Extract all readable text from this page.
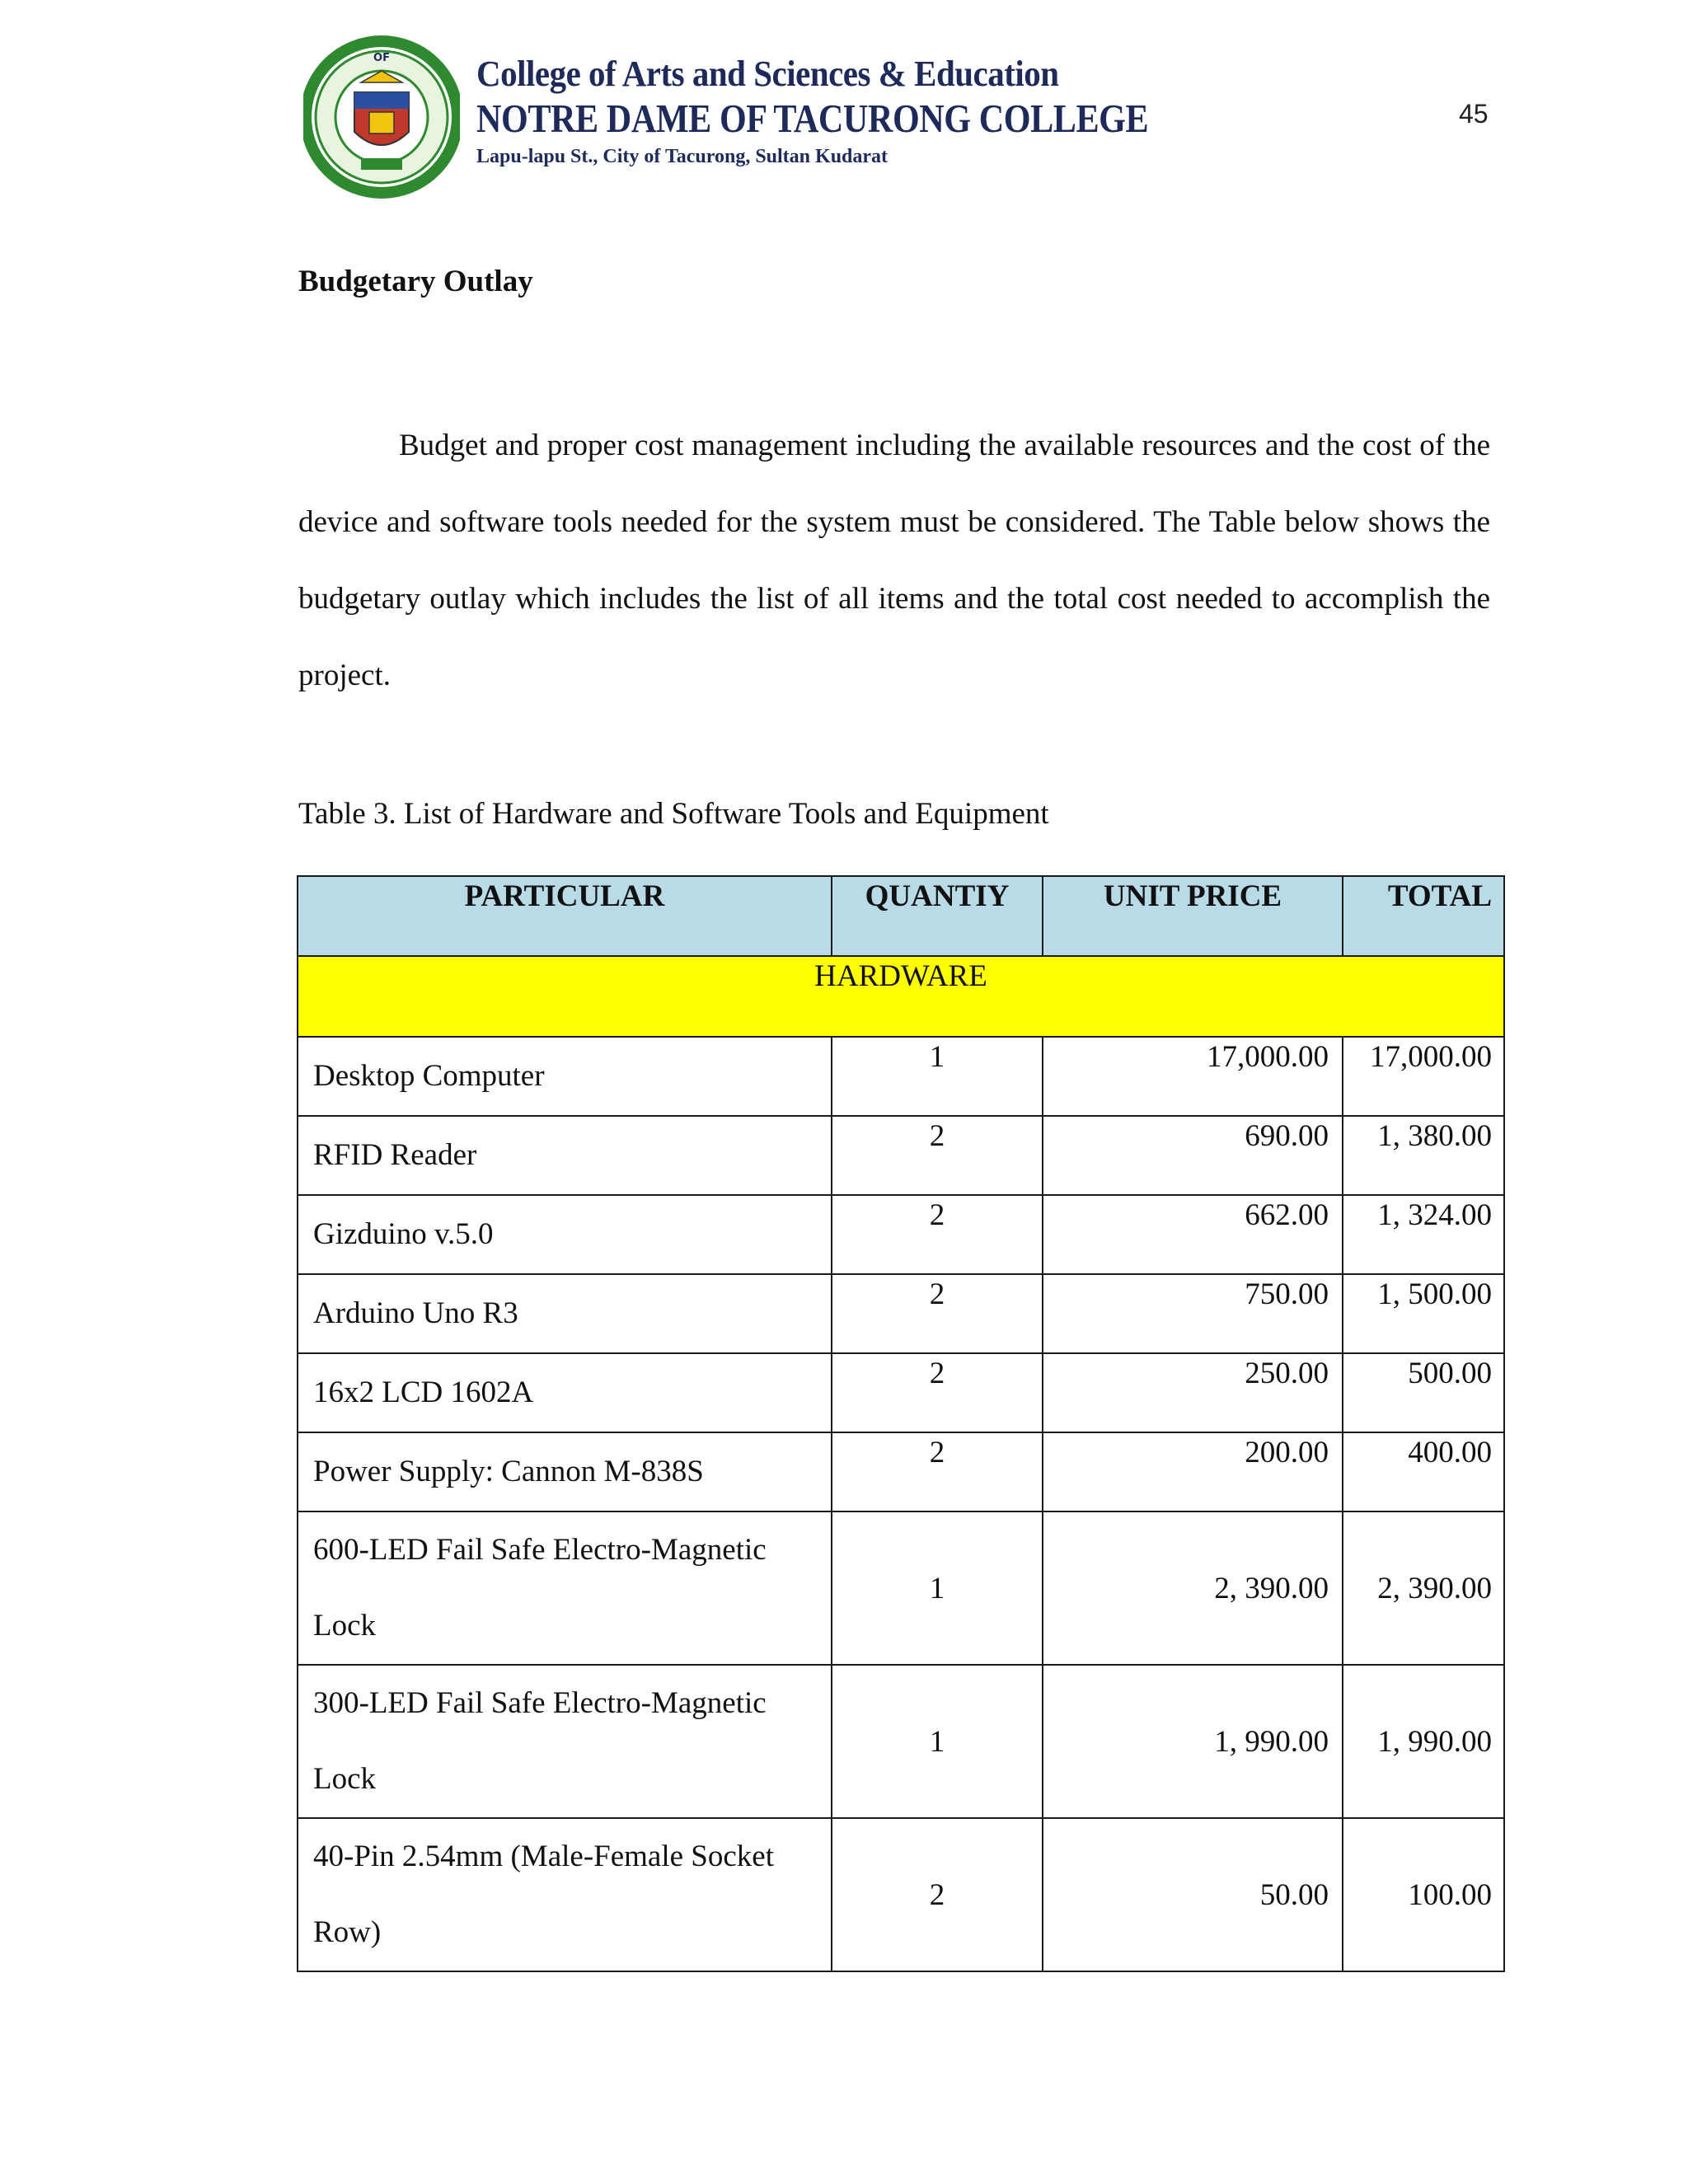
OF College of Arts and Sciences & Education
NOTRE DAME OF TACURONG COLLEGE
Lapu-lapu St., City of Tacurong, Sultan Kudarat
45
Budgetary Outlay
Budget and proper cost management including the available resources and the cost of the device and software tools needed for the system must be considered. The Table below shows the budgetary outlay which includes the list of all items and the total cost needed to accomplish the project.
Table 3. List of Hardware and Software Tools and Equipment
PARTICULAR	QUANTIY	UNIT PRICE	TOTAL
HARDWARE			
Desktop Computer	1	17,000.00	17,000.00
RFID Reader	2	690.00	1, 380.00
Gizduino v.5.0	2	662.00	1, 324.00
Arduino Uno R3	2	750.00	1, 500.00
16x2 LCD 1602A	2	250.00	500.00
Power Supply: Cannon M-838S	2	200.00	400.00

600-LED Fail Safe Electro-Magnetic
Lock	1	2, 390.00	2, 390.00

300-LED Fail Safe Electro-Magnetic
Lock	1	1, 990.00	1, 990.00

40-Pin 2.54mm (Male-Female Socket
Row)	2	50.00	100.00
